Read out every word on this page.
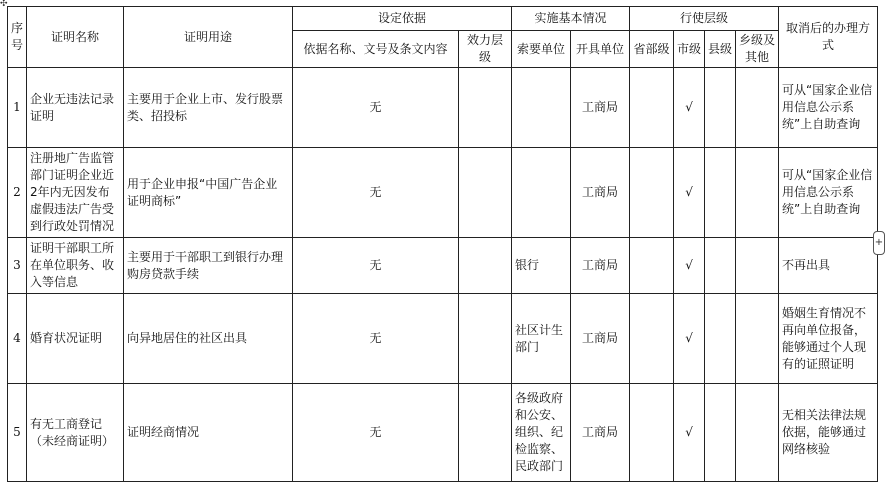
✣
序号	证明名称	证明用途	设定依据		实施基本情况		行使层级				取消后的办理方式
			依据名称、文号及条文内容	效力层级	索要单位	开具单位	省部级	市级	县级	乡级及其他	
1	企业无违法记录证明	主要用于企业上市、发行股票类、招投标	无			工商局		√			可从“国家企业信用信息公示系统”上自助查询
2	注册地广告监管部门证明企业近2年内无因发布虚假违法广告受到行政处罚情况	用于企业申报“中国广告企业证明商标”	无			工商局		√			可从“国家企业信用信息公示系统”上自助查询
3	证明干部职工所在单位职务、收入等信息	主要用于干部职工到银行办理购房贷款手续	无		银行	工商局		√			不再出具
4	婚育状况证明	向异地居住的社区出具	无		社区计生部门	工商局		√			婚姻生育情况不再向单位报备，能够通过个人现有的证照证明
5	有无工商登记（未经商证明）	证明经商情况	无		各级政府和公安、组织、纪检监察、民政部门	工商局		√			无相关法律法规依据，能够通过网络核验
+
